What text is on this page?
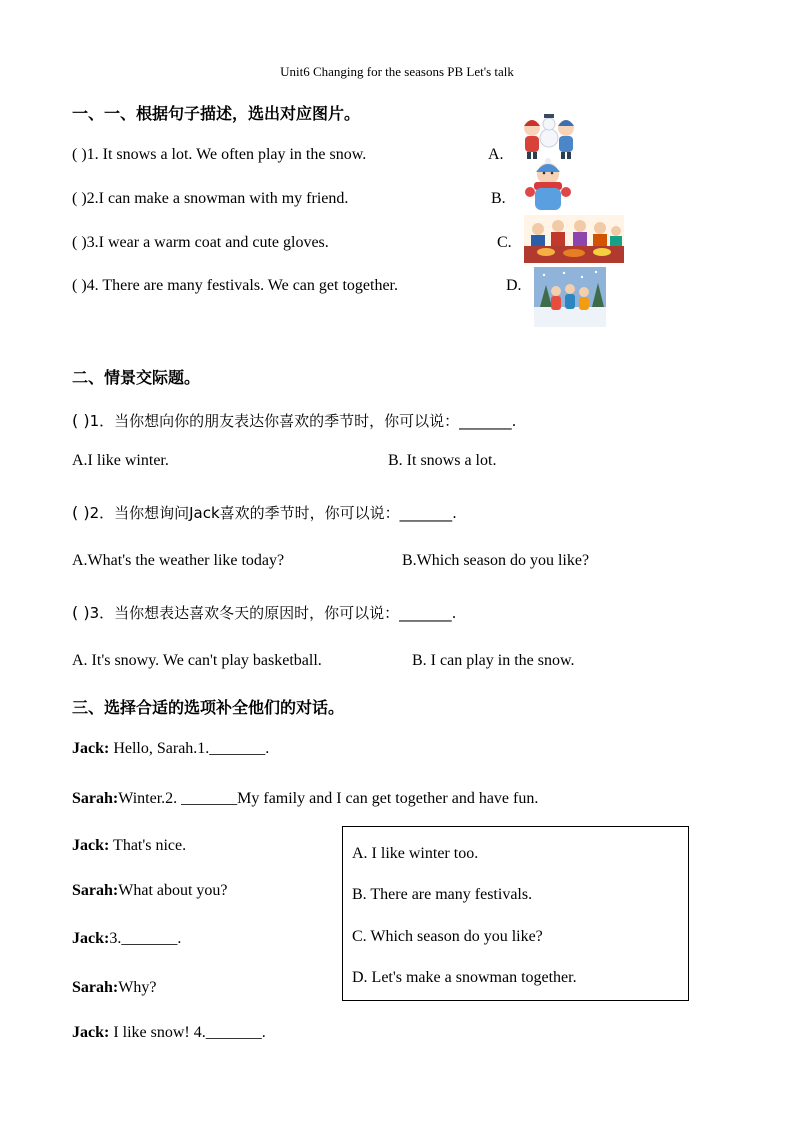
Unit6 Changing for the seasons PB Let's talk
一、一、根据句子描述，选出对应图片。
( )1. It snows a lot. We often play in the snow.	A.
( )2.I can make a snowman with my friend.	B.
( )3.I wear a warm coat and cute gloves.	C.
( )4. There are many festivals. We can get together.	D.
二、情景交际题。
( )1．当你想向你的朋友表达你喜欢的季节时，你可以说：_______.
A.I like winter.	B. It snows a lot.
( )2．当你想询问Jack喜欢的季节时，你可以说：_______.
A.What's the weather like today?	B.Which season do you like?
( )3．当你想表达喜欢冬天的原因时，你可以说：_______.
A. It's snowy. We can't play basketball.	B. I can play in the snow.
三、选择合适的选项补全他们的对话。
Jack: Hello, Sarah.1._______.
Sarah:Winter.2. _______My family and I can get together and have fun.
Jack: That's nice.
Sarah:What about you?
Jack:3._______.
Sarah:Why?
Jack: I like snow! 4._______.
A. I like winter too.
B. There are many festivals.
C. Which season do you like?
D. Let's make a snowman together.
